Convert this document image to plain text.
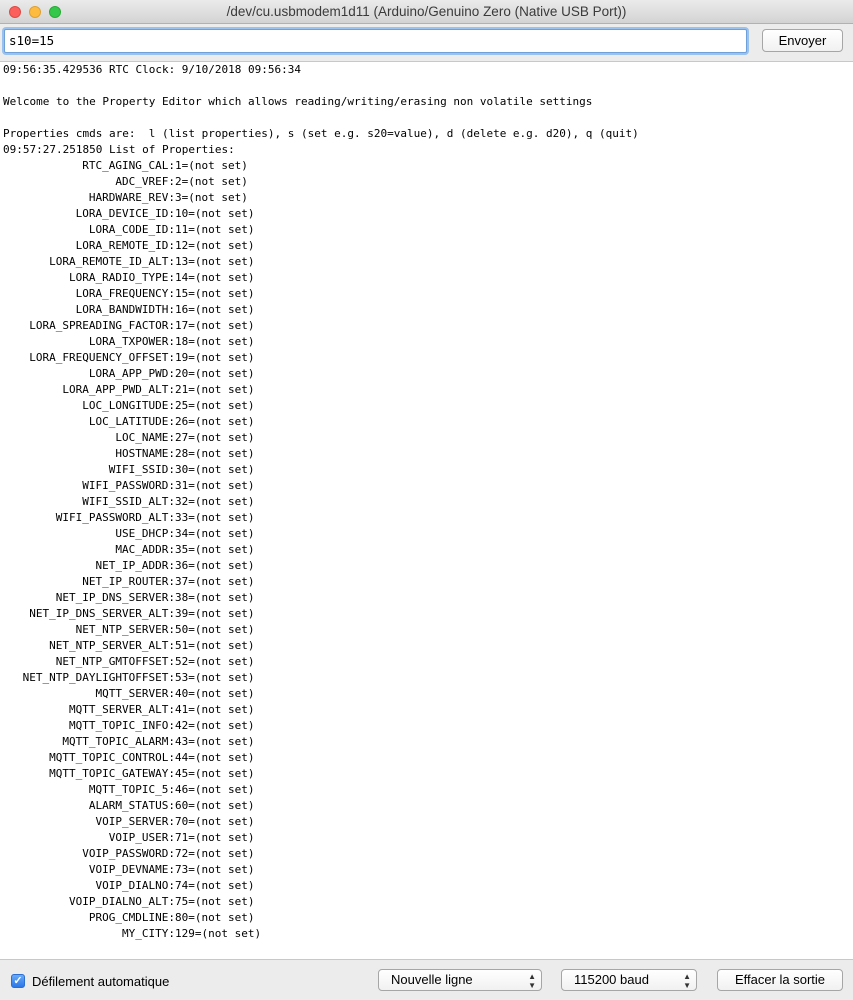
/dev/cu.usbmodem1d11 (Arduino/Genuino Zero (Native USB Port))
s10=15	Envoyer
09:56:35.429536 RTC Clock: 9/10/2018 09:56:34
Welcome to the Property Editor which allows reading/writing/erasing non volatile settings
Properties cmds are:  l (list properties), s (set e.g. s20=value), d (delete e.g. d20), q (quit)
09:57:27.251850 List of Properties:
RTC_AGING_CAL: 1=(not set)
ADC_VREF: 2=(not set)
HARDWARE_REV: 3=(not set)
LORA_DEVICE_ID: 10=(not set)
LORA_CODE_ID: 11=(not set)
LORA_REMOTE_ID: 12=(not set)
LORA_REMOTE_ID_ALT: 13=(not set)
LORA_RADIO_TYPE: 14=(not set)
LORA_FREQUENCY: 15=(not set)
LORA_BANDWIDTH: 16=(not set)
LORA_SPREADING_FACTOR: 17=(not set)
LORA_TXPOWER: 18=(not set)
LORA_FREQUENCY_OFFSET: 19=(not set)
LORA_APP_PWD: 20=(not set)
LORA_APP_PWD_ALT: 21=(not set)
LOC_LONGITUDE: 25=(not set)
LOC_LATITUDE: 26=(not set)
LOC_NAME: 27=(not set)
HOSTNAME: 28=(not set)
WIFI_SSID: 30=(not set)
WIFI_PASSWORD: 31=(not set)
WIFI_SSID_ALT: 32=(not set)
WIFI_PASSWORD_ALT: 33=(not set)
USE_DHCP: 34=(not set)
MAC_ADDR: 35=(not set)
NET_IP_ADDR: 36=(not set)
NET_IP_ROUTER: 37=(not set)
NET_IP_DNS_SERVER: 38=(not set)
NET_IP_DNS_SERVER_ALT: 39=(not set)
NET_NTP_SERVER: 50=(not set)
NET_NTP_SERVER_ALT: 51=(not set)
NET_NTP_GMTOFFSET: 52=(not set)
NET_NTP_DAYLIGHTOFFSET: 53=(not set)
MQTT_SERVER: 40=(not set)
MQTT_SERVER_ALT: 41=(not set)
MQTT_TOPIC_INFO: 42=(not set)
MQTT_TOPIC_ALARM: 43=(not set)
MQTT_TOPIC_CONTROL: 44=(not set)
MQTT_TOPIC_GATEWAY: 45=(not set)
MQTT_TOPIC_5: 46=(not set)
ALARM_STATUS: 60=(not set)
VOIP_SERVER: 70=(not set)
VOIP_USER: 71=(not set)
VOIP_PASSWORD: 72=(not set)
VOIP_DEVNAME: 73=(not set)
VOIP_DIALNO: 74=(not set)
VOIP_DIALNO_ALT: 75=(not set)
PROG_CMDLINE: 80=(not set)
MY_CITY: 129=(not set)
✓ Défilement automatique	Nouvelle ligne	▲
▼	115200 baud	▲
▼	Effacer la sortie
